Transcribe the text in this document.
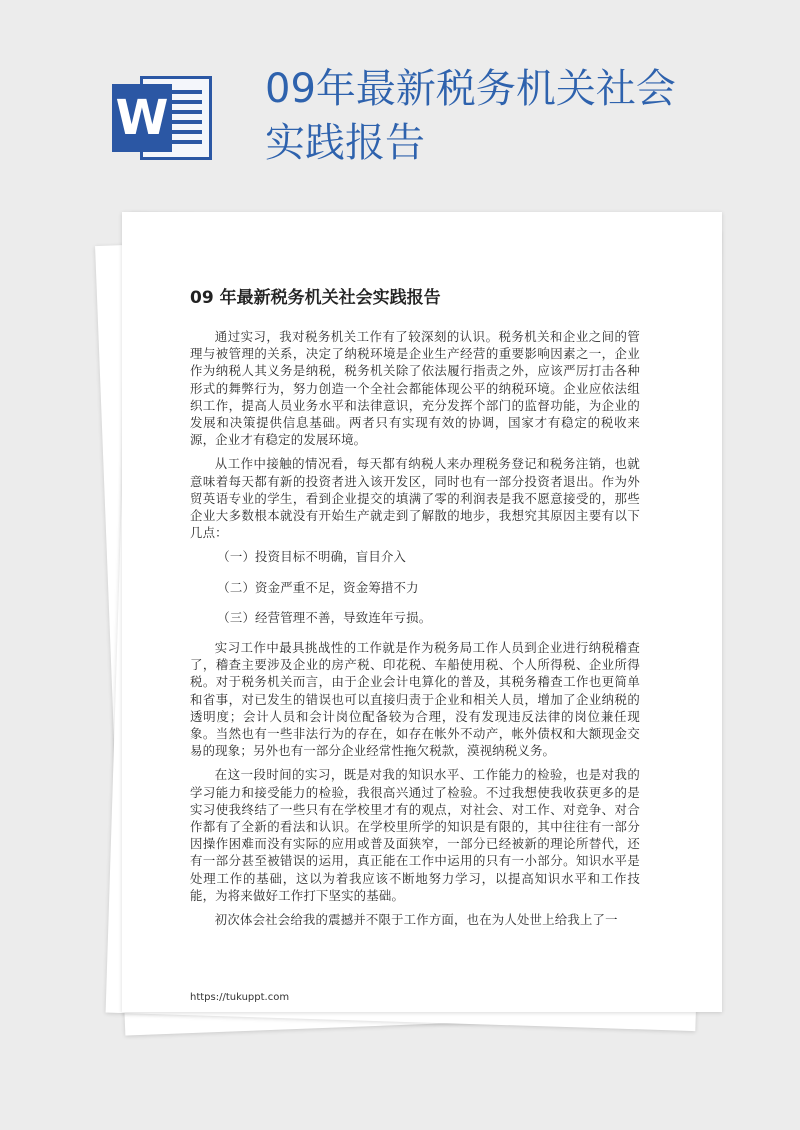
W
09年最新税务机关社会实践报告
09 年最新税务机关社会实践报告

通过实习，我对税务机关工作有了较深刻的认识。税务机关和企业之间的管理与被管理的关系，决定了纳税环境是企业生产经营的重要影响因素之一，企业作为纳税人其义务是纳税，税务机关除了依法履行指责之外，应该严厉打击各种形式的舞弊行为，努力创造一个全社会都能体现公平的纳税环境。企业应依法组织工作，提高人员业务水平和法律意识，充分发挥个部门的监督功能，为企业的发展和决策提供信息基础。两者只有实现有效的协调，国家才有稳定的税收来源，企业才有稳定的发展环境。

从工作中接触的情况看，每天都有纳税人来办理税务登记和税务注销，也就意味着每天都有新的投资者进入该开发区，同时也有一部分投资者退出。作为外贸英语专业的学生，看到企业提交的填满了零的利润表是我不愿意接受的，那些企业大多数根本就没有开始生产就走到了解散的地步，我想究其原因主要有以下几点：

（一）投资目标不明确，盲目介入

（二）资金严重不足，资金筹措不力

（三）经营管理不善，导致连年亏损。

实习工作中最具挑战性的工作就是作为税务局工作人员到企业进行纳税稽查了，稽查主要涉及企业的房产税、印花税、车船使用税、个人所得税、企业所得税。对于税务机关而言，由于企业会计电算化的普及，其税务稽查工作也更简单和省事，对已发生的错误也可以直接归责于企业和相关人员，增加了企业纳税的透明度；会计人员和会计岗位配备较为合理，没有发现违反法律的岗位兼任现象。当然也有一些非法行为的存在，如存在帐外不动产，帐外债权和大额现金交易的现象；另外也有一部分企业经常性拖欠税款，漠视纳税义务。

在这一段时间的实习，既是对我的知识水平、工作能力的检验，也是对我的学习能力和接受能力的检验，我很高兴通过了检验。不过我想使我收获更多的是实习使我终结了一些只有在学校里才有的观点，对社会、对工作、对竞争、对合作都有了全新的看法和认识。在学校里所学的知识是有限的，其中往往有一部分因操作困难而没有实际的应用或普及面狭窄，一部分已经被新的理论所替代，还有一部分甚至被错误的运用，真正能在工作中运用的只有一小部分。知识水平是处理工作的基础，这以为着我应该不断地努力学习，以提高知识水平和工作技能，为将来做好工作打下坚实的基础。

初次体会社会给我的震撼并不限于工作方面，也在为人处世上给我上了一

https://tukuppt.com
